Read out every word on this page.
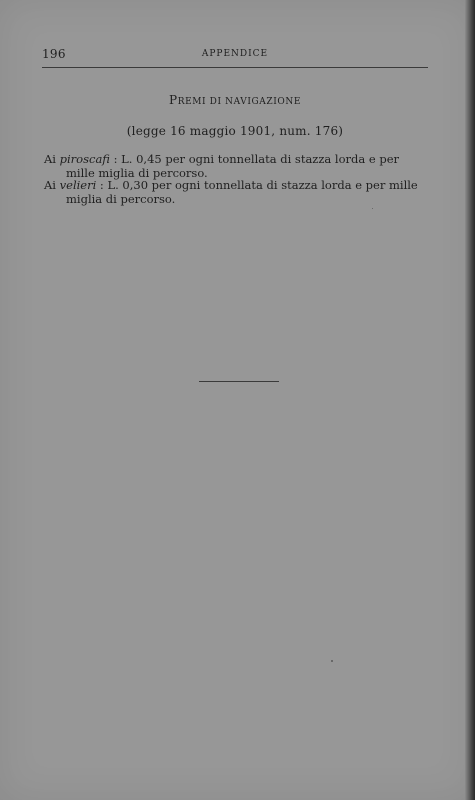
196	APPENDICE
PREMI DI NAVIGAZIONE
(legge 16 maggio 1901, num. 176)
Ai piroscafi : L. 0,45 per ogni tonnellata di stazza lorda e per
mille miglia di percorso.
Ai velieri : L. 0,30 per ogni tonnellata di stazza lorda e per mille
miglia di percorso.
